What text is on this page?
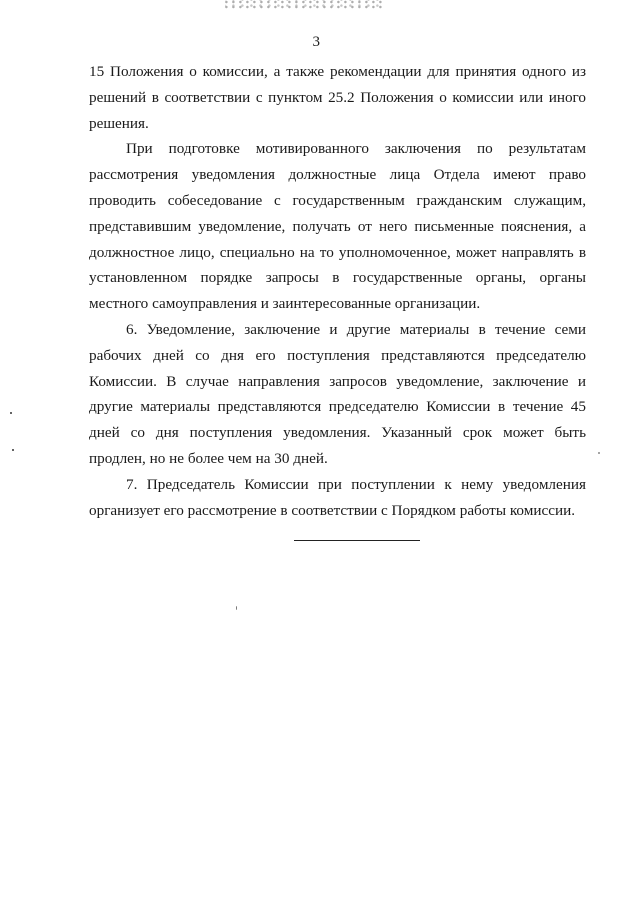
3

15 Положения о комиссии, а также рекомендации для принятия одного из решений в соответствии с пунктом 25.2 Положения о комиссии или иного решения.

При подготовке мотивированного заключения по результатам рассмотрения уведомления должностные лица Отдела имеют право проводить собеседование с государственным гражданским служащим, представившим уведомление, получать от него письменные пояснения, а должностное лицо, специально на то уполномоченное, может направлять в установленном порядке запросы в государственные органы, органы местного самоуправления и заинтересованные организации.

6. Уведомление, заключение и другие материалы в течение семи рабочих дней со дня его поступления представляются председателю Комиссии. В случае направления запросов уведомление, заключение и другие материалы представляются председателю Комиссии в течение 45 дней со дня поступления уведомления. Указанный срок может быть продлен, но не более чем на 30 дней.

7. Председатель Комиссии при поступлении к нему уведомления организует его рассмотрение в соответствии с Порядком работы комиссии.
